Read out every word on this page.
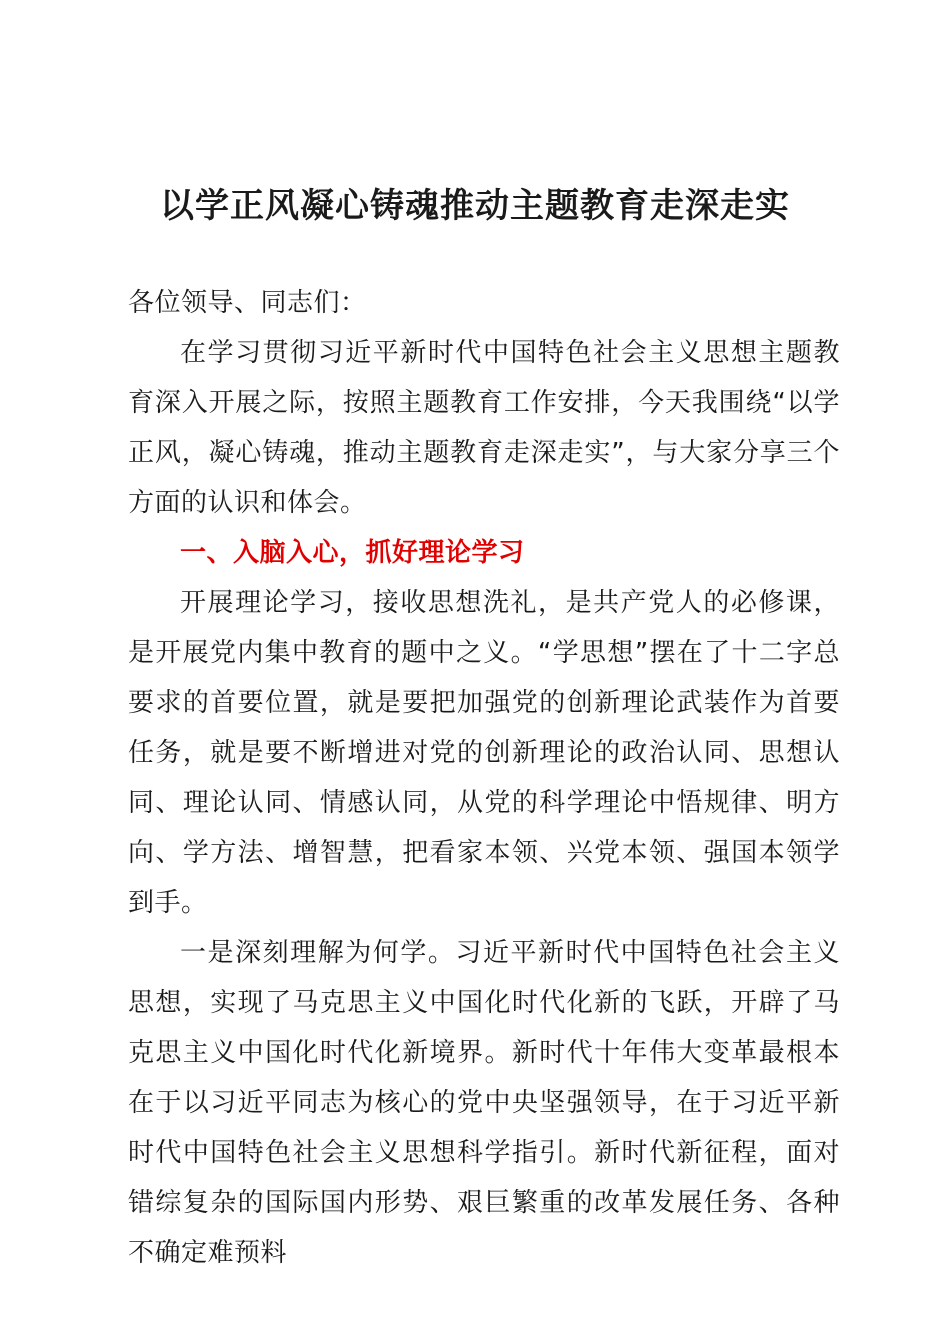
以学正风凝心铸魂推动主题教育走深走实

各位领导、同志们：

在学习贯彻习近平新时代中国特色社会主义思想主题教育深入开展之际，按照主题教育工作安排，今天我围绕“以学正风，凝心铸魂，推动主题教育走深走实”，与大家分享三个方面的认识和体会。

一、入脑入心，抓好理论学习

开展理论学习，接收思想洗礼，是共产党人的必修课，是开展党内集中教育的题中之义。“学思想”摆在了十二字总要求的首要位置，就是要把加强党的创新理论武装作为首要任务，就是要不断增进对党的创新理论的政治认同、思想认同、理论认同、情感认同，从党的科学理论中悟规律、明方向、学方法、增智慧，把看家本领、兴党本领、强国本领学到手。

一是深刻理解为何学。习近平新时代中国特色社会主义思想，实现了马克思主义中国化时代化新的飞跃，开辟了马克思主义中国化时代化新境界。新时代十年伟大变革最根本在于以习近平同志为核心的党中央坚强领导，在于习近平新时代中国特色社会主义思想科学指引。新时代新征程，面对错综复杂的国际国内形势、艰巨繁重的改革发展任务、各种不确定难预料
